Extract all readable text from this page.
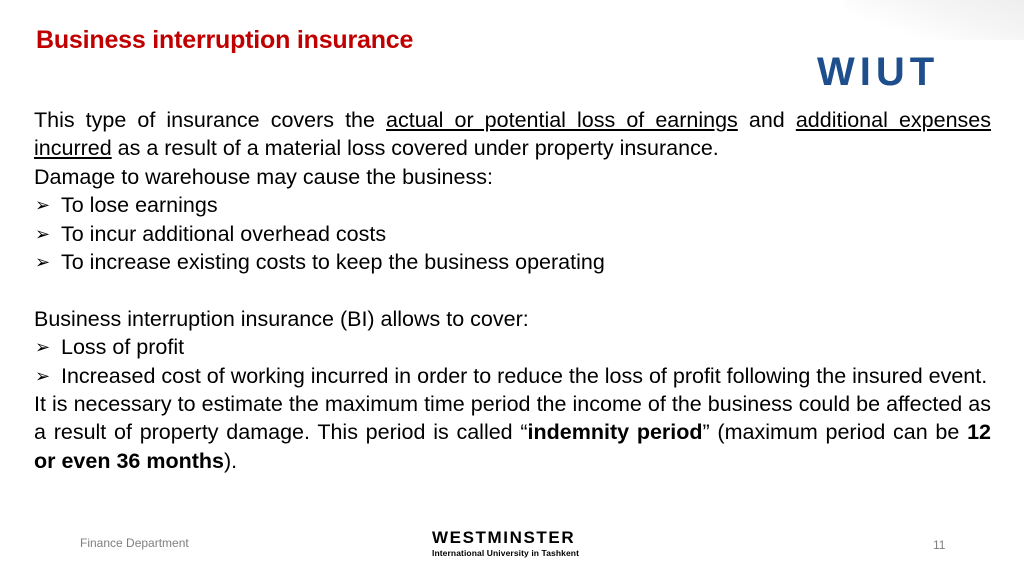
Business interruption insurance
WIUT

This type of insurance covers the actual or potential loss of earnings and additional expenses incurred as a result of a material loss covered under property insurance.

Damage to warehouse may cause the business:

➢ To lose earnings
➢ To incur additional overhead costs
➢ To increase existing costs to keep the business operating

Business interruption insurance (BI) allows to cover:

➢ Loss of profit
➢ Increased cost of working incurred in order to reduce the loss of profit following the insured event.

It is necessary to estimate the maximum time period the income of the business could be affected as a result of property damage. This period is called “indemnity period” (maximum period can be 12 or even 36 months).

Finance Department	WESTMINSTER
International University in Tashkent
11
